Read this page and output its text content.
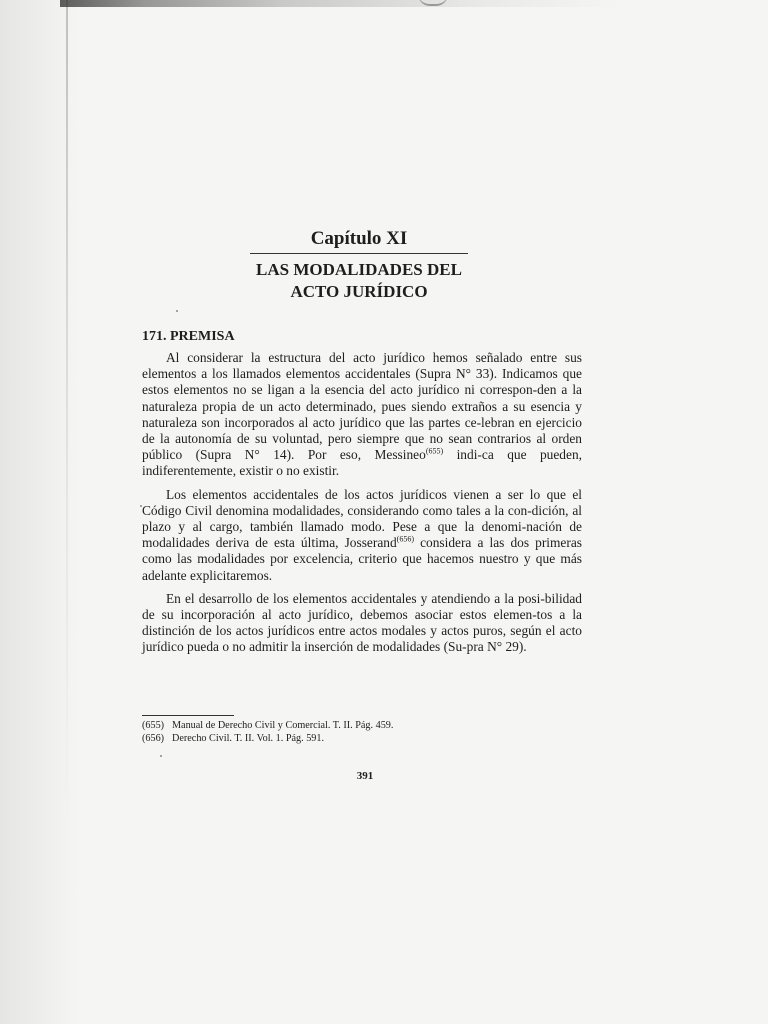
Capítulo XI
LAS MODALIDADES DEL
ACTO JURÍDICO
171. PREMISA

Al considerar la estructura del acto jurídico hemos señalado entre sus elementos a los llamados elementos accidentales (Supra N° 33). Indicamos que estos elementos no se ligan a la esencia del acto jurídico ni correspon-den a la naturaleza propia de un acto determinado, pues siendo extraños a su esencia y naturaleza son incorporados al acto jurídico que las partes ce-lebran en ejercicio de la autonomía de su voluntad, pero siempre que no sean contrarios al orden público (Supra N° 14). Por eso, Messineo$^{(655)}$ indi-ca que pueden, indiferentemente, existir o no existir.

Los elementos accidentales de los actos jurídicos vienen a ser lo que el Código Civil denomina modalidades, considerando como tales a la con-dición, al plazo y al cargo, también llamado modo. Pese a que la denomi-nación de modalidades deriva de esta última, Josserand$^{(656)}$ considera a las dos primeras como las modalidades por excelencia, criterio que hacemos nuestro y que más adelante explicitaremos.

En el desarrollo de los elementos accidentales y atendiendo a la posi-bilidad de su incorporación al acto jurídico, debemos asociar estos elemen-tos a la distinción de los actos jurídicos entre actos modales y actos puros, según el acto jurídico pueda o no admitir la inserción de modalidades (Su-pra N° 29).

(655) Manual de Derecho Civil y Comercial. T. II. Pág. 459.
(656) Derecho Civil. T. II. Vol. 1. Pág. 591.
391
